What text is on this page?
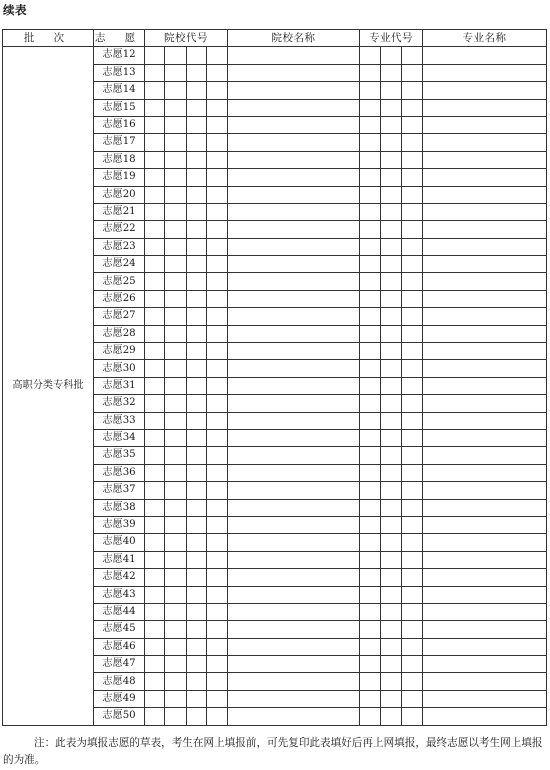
续表
批 次	志 愿	院校代号				院校名称	专业代号			专业名称
高职分类专科批	志愿12									
	志愿13									
	志愿14									
	志愿15									
	志愿16									
	志愿17									
	志愿18									
	志愿19									
	志愿20									
	志愿21									
	志愿22									
	志愿23									
	志愿24									
	志愿25									
	志愿26									
	志愿27									
	志愿28									
	志愿29									
	志愿30									
	志愿31									
	志愿32									
	志愿33									
	志愿34									
	志愿35									
	志愿36									
	志愿37									
	志愿38									
	志愿39									
	志愿40									
	志愿41									
	志愿42									
	志愿43									
	志愿44									
	志愿45									
	志愿46									
	志愿47									
	志愿48									
	志愿49									
	志愿50									
注：此表为填报志愿的草表，考生在网上填报前，可先复印此表填好后再上网填报，最终志愿以考生网上填报的为准。
